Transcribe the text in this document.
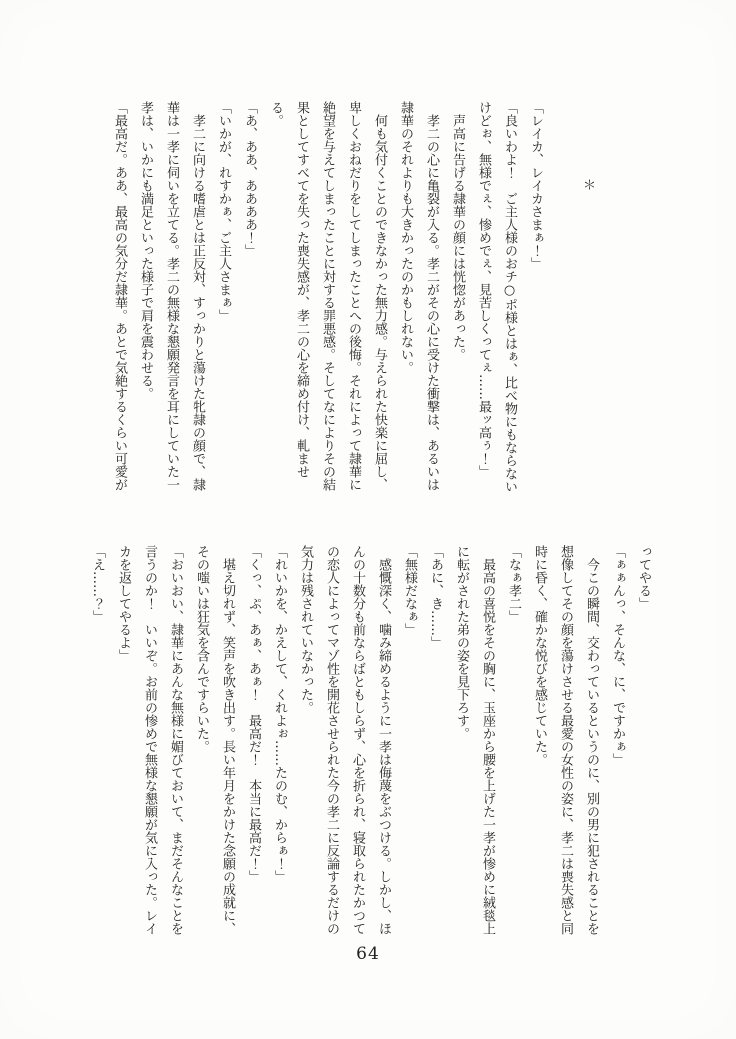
＊

「レイカ、レイカさまぁ！」

「良いわよ！　ご主人様のおチ○ポ様とはぁ、比べ物にもならないけどぉ、無様でぇ、惨めでぇ、見苦しくってぇ……最ッ高ぅ！」

声高に告げる隷華の顔には恍惚があった。

孝二の心に亀裂が入る。孝二がその心に受けた衝撃は、あるいは隷華のそれよりも大きかったのかもしれない。

何も気付くことのできなかった無力感。与えられた快楽に屈し、卑しくおねだりをしてしまったことへの後悔。それによって隷華に絶望を与えてしまったことに対する罪悪感。そしてなによりその結果としてすべてを失った喪失感が、孝二の心を締め付け、軋ませる。

「あ、ああ、ああああ！」

「いかが、れすかぁ、ご主人さまぁ」

孝二に向ける嗜虐とは正反対、すっかりと蕩けた牝隷の顔で、隷華は一孝に伺いを立てる。孝二の無様な懇願発言を耳にしていた一孝は、いかにも満足といった様子で肩を震わせる。

「最高だ。ああ、最高の気分だ隷華。あとで気絶するくらい可愛が

ってやる」

「ぁぁんっ、そんな、に、ですかぁ」

今この瞬間、交わっているというのに、別の男に犯されることを想像してその顔を蕩けさせる最愛の女性の姿に、孝二は喪失感と同時に昏く、確かな悦びを感じていた。

「なぁ孝二」

最高の喜悦をその胸に、玉座から腰を上げた一孝が惨めに絨毯上に転がされた弟の姿を見下ろす。

「あに、き……」

「無様だなぁ」

感慨深く、噛み締めるように一孝は侮蔑をぶつける。しかし、ほんの十数分も前ならばともしらず、心を折られ、寝取られたかつての恋人によってマゾ性を開花させられた今の孝二に反論するだけの気力は残されていなかった。

「れいかを、かえして、くれよぉ……たのむ、からぁ！」

「くっ、ぷ、あぁ、あぁ！　最高だ！　本当に最高だ！」

堪え切れず、笑声を吹き出す。長い年月をかけた念願の成就に、その嗤いは狂気を含んですらいた。

「おいおい、隷華にあんな無様に媚びておいて、まだそんなことを言うのか！　いいぞ。お前の惨めで無様な懇願が気に入った。レイカを返してやるよ」

「え……？」

64
